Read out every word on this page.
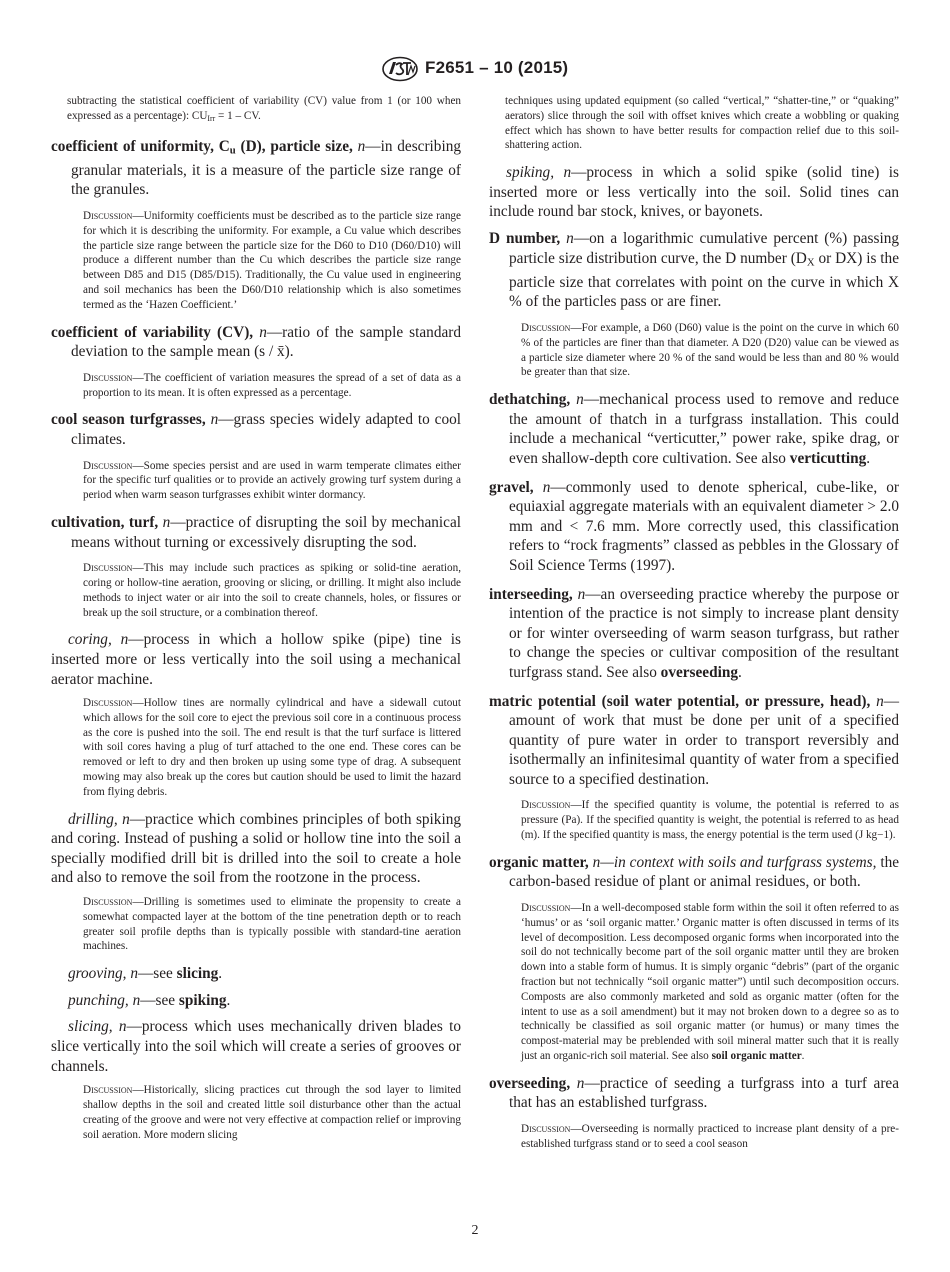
F2651 – 10 (2015)

subtracting the statistical coefficient of variability (CV) value from 1 (or 100 when expressed as a percentage): CUIrr = 1 – CV.

coefficient of uniformity, Cu (D), particle size, n—in describing granular materials, it is a measure of the particle size range of the granules.

Discussion—Uniformity coefficients must be described as to the particle size range for which it is describing the uniformity. For example, a Cu value which describes the particle size range between the particle size for the D60 to D10 (D60/D10) will produce a different number than the Cu which describes the particle size range between D85 and D15 (D85/D15). Traditionally, the Cu value used in engineering and soil mechanics has been the D60/D10 relationship which is also sometimes termed as the ‘Hazen Coefficient.’

coefficient of variability (CV), n—ratio of the sample standard deviation to the sample mean (s / x̄).

Discussion—The coefficient of variation measures the spread of a set of data as a proportion to its mean. It is often expressed as a percentage.

cool season turfgrasses, n—grass species widely adapted to cool climates.

Discussion—Some species persist and are used in warm temperate climates either for the specific turf qualities or to provide an actively growing turf system during a period when warm season turfgrasses exhibit winter dormancy.

cultivation, turf, n—practice of disrupting the soil by mechanical means without turning or excessively disrupting the sod.

Discussion—This may include such practices as spiking or solid-tine aeration, coring or hollow-tine aeration, grooving or slicing, or drilling. It might also include methods to inject water or air into the soil to create channels, holes, or fissures or break up the soil structure, or a combination thereof.

coring, n—process in which a hollow spike (pipe) tine is inserted more or less vertically into the soil using a mechanical aerator machine.

Discussion—Hollow tines are normally cylindrical and have a sidewall cutout which allows for the soil core to eject the previous soil core in a continuous process as the core is pushed into the soil. The end result is that the turf surface is littered with soil cores having a plug of turf attached to the one end. These cores can be removed or left to dry and then broken up using some type of drag. A subsequent mowing may also break up the cores but caution should be used to limit the hazard from flying debris.

drilling, n—practice which combines principles of both spiking and coring. Instead of pushing a solid or hollow tine into the soil a specially modified drill bit is drilled into the soil to create a hole and also to remove the soil from the rootzone in the process.

Discussion—Drilling is sometimes used to eliminate the propensity to create a somewhat compacted layer at the bottom of the tine penetration depth or to reach greater soil profile depths than is typically possible with standard-tine aeration machines.

grooving, n—see slicing.

punching, n—see spiking.

slicing, n—process which uses mechanically driven blades to slice vertically into the soil which will create a series of grooves or channels.

Discussion—Historically, slicing practices cut through the sod layer to limited shallow depths in the soil and created little soil disturbance other than the actual creating of the groove and were not very effective at compaction relief or improving soil aeration. More modern slicing

techniques using updated equipment (so called “vertical,” “shatter-tine,” or “quaking” aerators) slice through the soil with offset knives which create a wobbling or quaking effect which has shown to have better results for compaction relief due to this soil-shattering action.

spiking, n—process in which a solid spike (solid tine) is inserted more or less vertically into the soil. Solid tines can include round bar stock, knives, or bayonets.

D number, n—on a logarithmic cumulative percent (%) passing particle size distribution curve, the D number (DX or DX) is the particle size that correlates with point on the curve in which X % of the particles pass or are finer.

Discussion—For example, a D60 (D60) value is the point on the curve in which 60 % of the particles are finer than that diameter. A D20 (D20) value can be viewed as a particle size diameter where 20 % of the sand would be less than and 80 % would be greater than that size.

dethatching, n—mechanical process used to remove and reduce the amount of thatch in a turfgrass installation. This could include a mechanical “verticutter,” power rake, spike drag, or even shallow-depth core cultivation. See also verticutting.

gravel, n—commonly used to denote spherical, cube-like, or equiaxial aggregate materials with an equivalent diameter > 2.0 mm and < 7.6 mm. More correctly used, this classification refers to “rock fragments” classed as pebbles in the Glossary of Soil Science Terms (1997).

interseeding, n—an overseeding practice whereby the purpose or intention of the practice is not simply to increase plant density or for winter overseeding of warm season turfgrass, but rather to change the species or cultivar composition of the resultant turfgrass stand. See also overseeding.

matric potential (soil water potential, or pressure, head), n—amount of work that must be done per unit of a specified quantity of pure water in order to transport reversibly and isothermally an infinitesimal quantity of water from a specified source to a specified destination.

Discussion—If the specified quantity is volume, the potential is referred to as pressure (Pa). If the specified quantity is weight, the potential is referred to as head (m). If the specified quantity is mass, the energy potential is the term used (J kg−1).

organic matter, n—in context with soils and turfgrass systems, the carbon-based residue of plant or animal residues, or both.

Discussion—In a well-decomposed stable form within the soil it often referred to as ‘humus’ or as ‘soil organic matter.’ Organic matter is often discussed in terms of its level of decomposition. Less decomposed organic forms when incorporated into the soil do not technically become part of the soil organic matter until they are broken down into a stable form of humus. It is simply organic “debris” (part of the organic fraction but not technically “soil organic matter”) until such decomposition occurs. Composts are also commonly marketed and sold as organic matter (often for the intent to use as a soil amendment) but it may not broken down to a degree so as to technically be classified as soil organic matter (or humus) or many times the compost-material may be preblended with soil mineral matter such that it is really just an organic-rich soil material. See also soil organic matter.

overseeding, n—practice of seeding a turfgrass into a turf area that has an established turfgrass.

Discussion—Overseeding is normally practiced to increase plant density of a pre-established turfgrass stand or to seed a cool season

2
